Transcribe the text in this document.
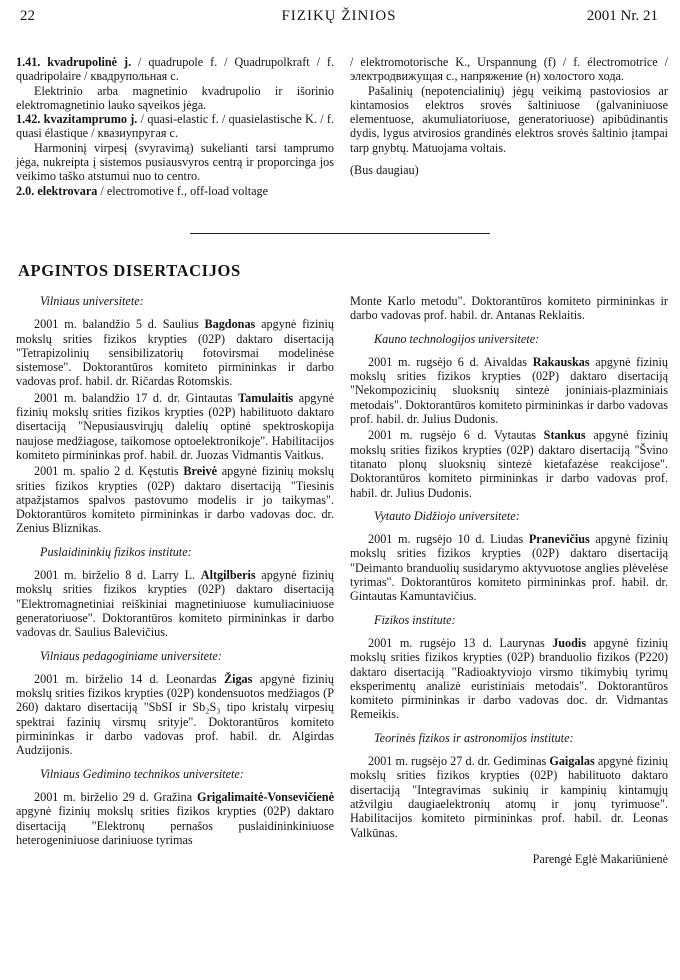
22	FIZIKŲ ŽINIOS	2001 Nr. 21

1.41. kvadrupolinė j. / quadrupole f. / Quadrupolkraft / f. quadripolaire / квадрупольная с.

Elektrinio arba magnetinio kvadrupolio ir išorinio elektromagnetinio lauko sąveikos jėga.

1.42. kvazitamprumo j. / quasi-elastic f. / quasielastische K. / f. quasi élastique / квазиупругая с.

Harmoninį virpesį (svyravimą) sukelianti tarsi tamprumo jėga, nukreipta į sistemos pusiausvyros centrą ir proporcinga jos veikimo taško atstumui nuo to centro.

2.0. elektrovara / electromotive f., off-load voltage

/ elektromotorische K., Urspannung (f) / f. électromotrice / электродвижущая с., напряжение (н) холостого хода.

Pašalinių (nepotencialinių) jėgų veikimą pastoviosios ar kintamosios elektros srovės šaltiniuose (galvaniniuose elementuose, akumuliatoriuose, generatoriuose) apibūdinantis dydis, lygus atvirosios grandinės elektros srovės šaltinio įtampai tarp gnybtų. Matuojama voltais.

(Bus daugiau)

APGINTOS DISERTACIJOS

Vilniaus universitete:

2001 m. balandžio 5 d. Saulius Bagdonas apgynė fizinių mokslų srities fizikos krypties (02P) daktaro disertaciją "Tetrapizolinių sensibilizatorių fotovirsmai modelinėse sistemose". Doktorantūros komiteto pirmininkas ir darbo vadovas prof. habil. dr. Ričardas Rotomskis.

2001 m. balandžio 17 d. dr. Gintautas Tamulaitis apgynė fizinių mokslų srities fizikos krypties (02P) habilituoto daktaro disertaciją "Nepusiausvirųjų dalelių optinė spektroskopija naujose medžiagose, taikomose optoelektronikoje". Habilitacijos komiteto pirmininkas prof. habil. dr. Juozas Vidmantis Vaitkus.

2001 m. spalio 2 d. Kęstutis Breivė apgynė fizinių mokslų srities fizikos krypties (02P) daktaro disertaciją "Tiesinis atpažįstamos spalvos pastovumo modelis ir jo taikymas". Doktorantūros komiteto pirmininkas ir darbo vadovas doc. dr. Zenius Bliznikas.

Puslaidininkių fizikos institute:

2001 m. birželio 8 d. Larry L. Altgilberis apgynė fizinių mokslų srities fizikos krypties (02P) daktaro disertaciją "Elektromagnetiniai reiškiniai magnetiniuose kumuliaciniuose generatoriuose". Doktorantūros komiteto pirmininkas ir darbo vadovas dr. Saulius Balevičius.

Vilniaus pedagoginiame universitete:

2001 m. birželio 14 d. Leonardas Žigas apgynė fizinių mokslų srities fizikos krypties (02P) kondensuotos medžiagos (P 260) daktaro disertaciją "SbSI ir Sb₂S₃ tipo kristalų virpesių spektrai fazinių virsmų srityje". Doktorantūros komiteto pirmininkas ir darbo vadovas prof. habil. dr. Algirdas Audzijonis.

Vilniaus Gedimino technikos universitete:

2001 m. birželio 29 d. Gražina Grigalimaitė-Vonsevičienė apgynė fizinių mokslų srities fizikos krypties (02P) daktaro disertaciją "Elektronų pernašos puslaidininkiniuose heterogeniniuose dariniuose tyrimas

Monte Karlo metodu". Doktorantūros komiteto pirmininkas ir darbo vadovas prof. habil. dr. Antanas Reklaitis.

Kauno technologijos universitete:

2001 m. rugsėjo 6 d. Aivaldas Rakauskas apgynė fizinių mokslų srities fizikos krypties (02P) daktaro disertaciją "Nekompozicinių sluoksnių sintezė joniniais-plazminiais metodais". Doktorantūros komiteto pirmininkas ir darbo vadovas prof. habil. dr. Julius Dudonis.

2001 m. rugsėjo 6 d. Vytautas Stankus apgynė fizinių mokslų srities fizikos krypties (02P) daktaro disertaciją "Švino titanato plonų sluoksnių sintezė kietafazėse reakcijose". Doktorantūros komiteto pirmininkas ir darbo vadovas prof. habil. dr. Julius Dudonis.

Vytauto Didžiojo universitete:

2001 m. rugsėjo 10 d. Liudas Pranevičius apgynė fizinių mokslų srities fizikos krypties (02P) daktaro disertaciją "Deimanto branduolių susidarymo aktyvuotose anglies plėvelėse tyrimas". Doktorantūros komiteto pirmininkas prof. habil. dr. Gintautas Kamuntavičius.

Fizikos institute:

2001 m. rugsėjo 13 d. Laurynas Juodis apgynė fizinių mokslų srities fizikos krypties (02P) branduolio fizikos (P220) daktaro disertaciją "Radioaktyviojo virsmo tikimybių tyrimų eksperimentų analizė euristiniais metodais". Doktorantūros komiteto pirmininkas ir darbo vadovas doc. dr. Vidmantas Remeikis.

Teorinės fizikos ir astronomijos institute:

2001 m. rugsėjo 27 d. dr. Gediminas Gaigalas apgynė fizinių mokslų srities fizikos krypties (02P) habilituoto daktaro disertaciją "Integravimas sukinių ir kampinių kintamųjų atžvilgiu daugiaelektronių atomų ir jonų tyrimuose". Habilitacijos komiteto pirmininkas prof. habil. dr. Leonas Valkūnas.

Parengė Eglė Makariūnienė
